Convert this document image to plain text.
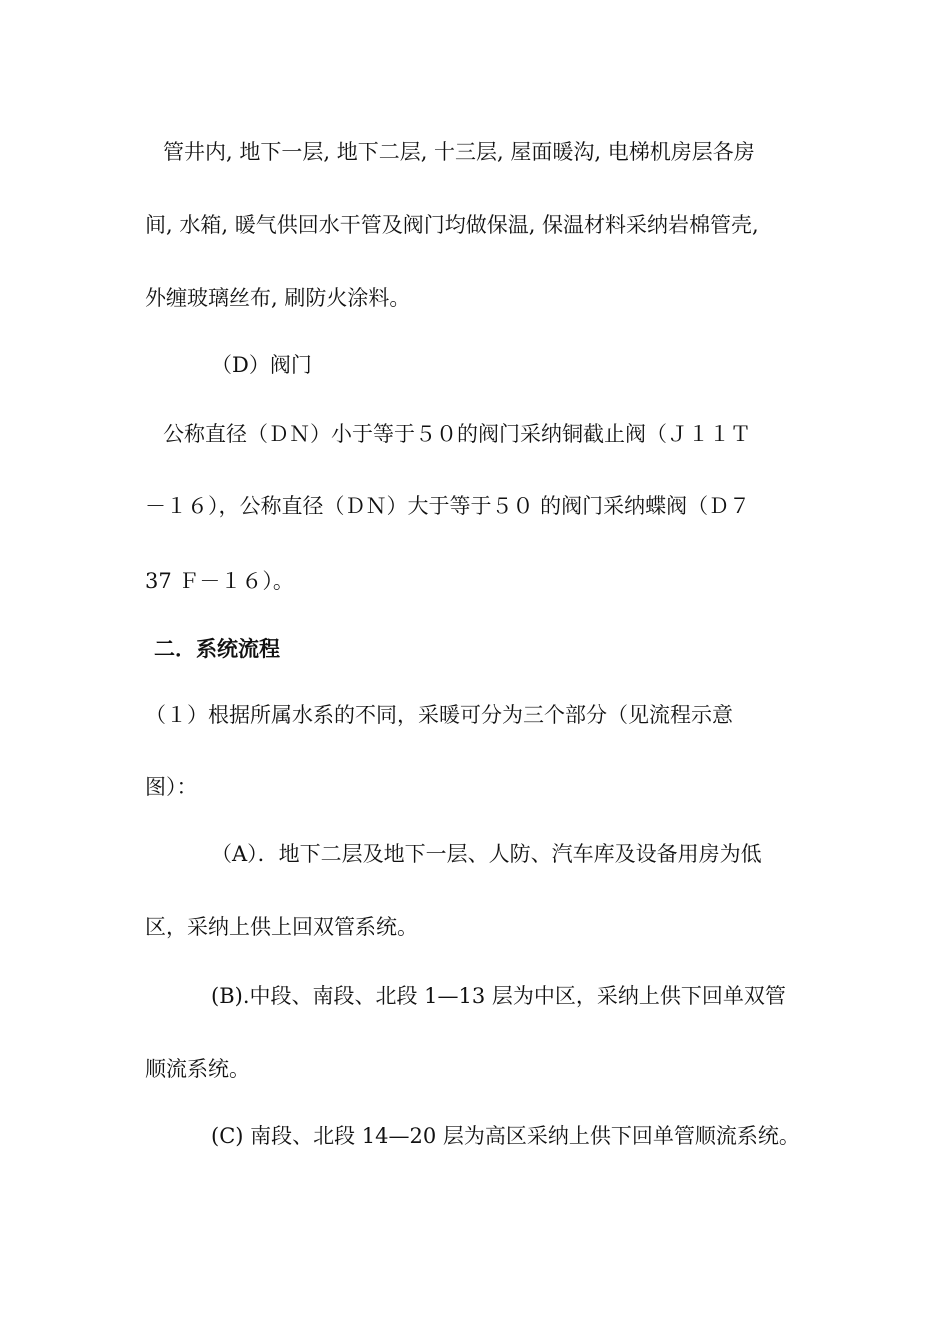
管井内, 地下一层, 地下二层, 十三层, 屋面暖沟, 电梯机房层各房
间, 水箱, 暖气供回水干管及阀门均做保温, 保温材料采纳岩棉管壳,
外缠玻璃丝布, 刷防火涂料。
（D）阀门
公称直径（ＤＮ）小于等于５０的阀门采纳铜截止阀（Ｊ１１Ｔ
－１６），公称直径（ＤＮ）大于等于５０ 的阀门采纳蝶阀（Ｄ７
37 Ｆ－１６）。
二．系统流程
（１）根据所属水系的不同，采暖可分为三个部分（见流程示意
图）：
（A）．地下二层及地下一层、人防、汽车库及设备用房为低
区，采纳上供上回双管系统。
(B).中段、南段、北段 1—13 层为中区，采纳上供下回单双管
顺流系统。
(C) 南段、北段 14—20 层为高区采纳上供下回单管顺流系统。
